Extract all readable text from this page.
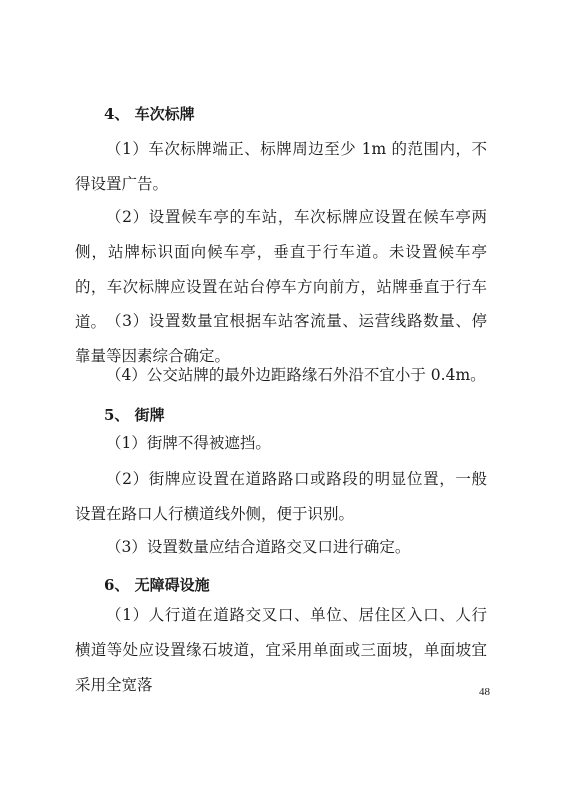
4、 车次标牌

（1）车次标牌端正、标牌周边至少 1m 的范围内，不得设置广告。

（2）设置候车亭的车站，车次标牌应设置在候车亭两侧，站牌标识面向候车亭，垂直于行车道。未设置候车亭的，车次标牌应设置在站台停车方向前方，站牌垂直于行车道。 （3）设置数量宜根据车站客流量、运营线路数量、停靠量等因素综合确定。

（4）公交站牌的最外边距路缘石外沿不宜小于 0.4m。

5、 街牌

（1）街牌不得被遮挡。

（2）街牌应设置在道路路口或路段的明显位置，一般设置在路口人行横道线外侧，便于识别。

（3）设置数量应结合道路交叉口进行确定。

6、 无障碍设施

（1）人行道在道路交叉口、单位、居住区入口、人行横道等处应设置缘石坡道，宜采用单面或三面坡，单面坡宜采用全宽落	48
